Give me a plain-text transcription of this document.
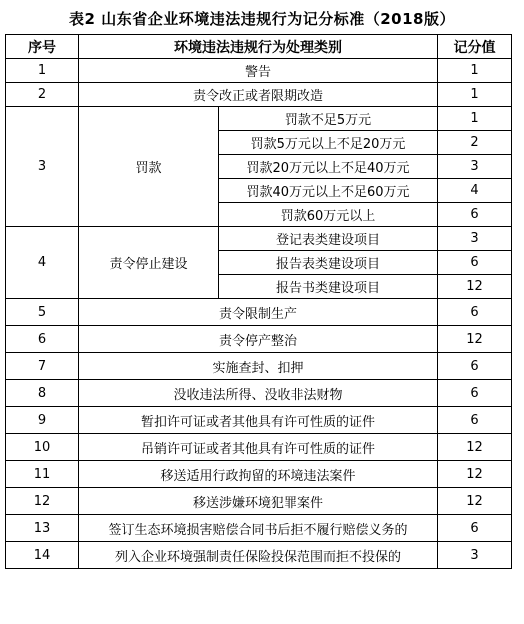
表2 山东省企业环境违法违规行为记分标准（2018版）
序号	环境违法违规行为处理类别		记分值
1	警告		1
2	责令改正或者限期改造		1
3	罚款	罚款不足5万元	1
		罚款5万元以上不足20万元	2
		罚款20万元以上不足40万元	3
		罚款40万元以上不足60万元	4
		罚款60万元以上	6
4	责令停止建设	登记表类建设项目	3
		报告表类建设项目	6
		报告书类建设项目	12
5	责令限制生产		6
6	责令停产整治		12
7	实施查封、扣押		6
8	没收违法所得、没收非法财物		6
9	暂扣许可证或者其他具有许可性质的证件		6
10	吊销许可证或者其他具有许可性质的证件		12
11	移送适用行政拘留的环境违法案件		12
12	移送涉嫌环境犯罪案件		12
13	签订生态环境损害赔偿合同书后拒不履行赔偿义务的		6
14	列入企业环境强制责任保险投保范围而拒不投保的		3
